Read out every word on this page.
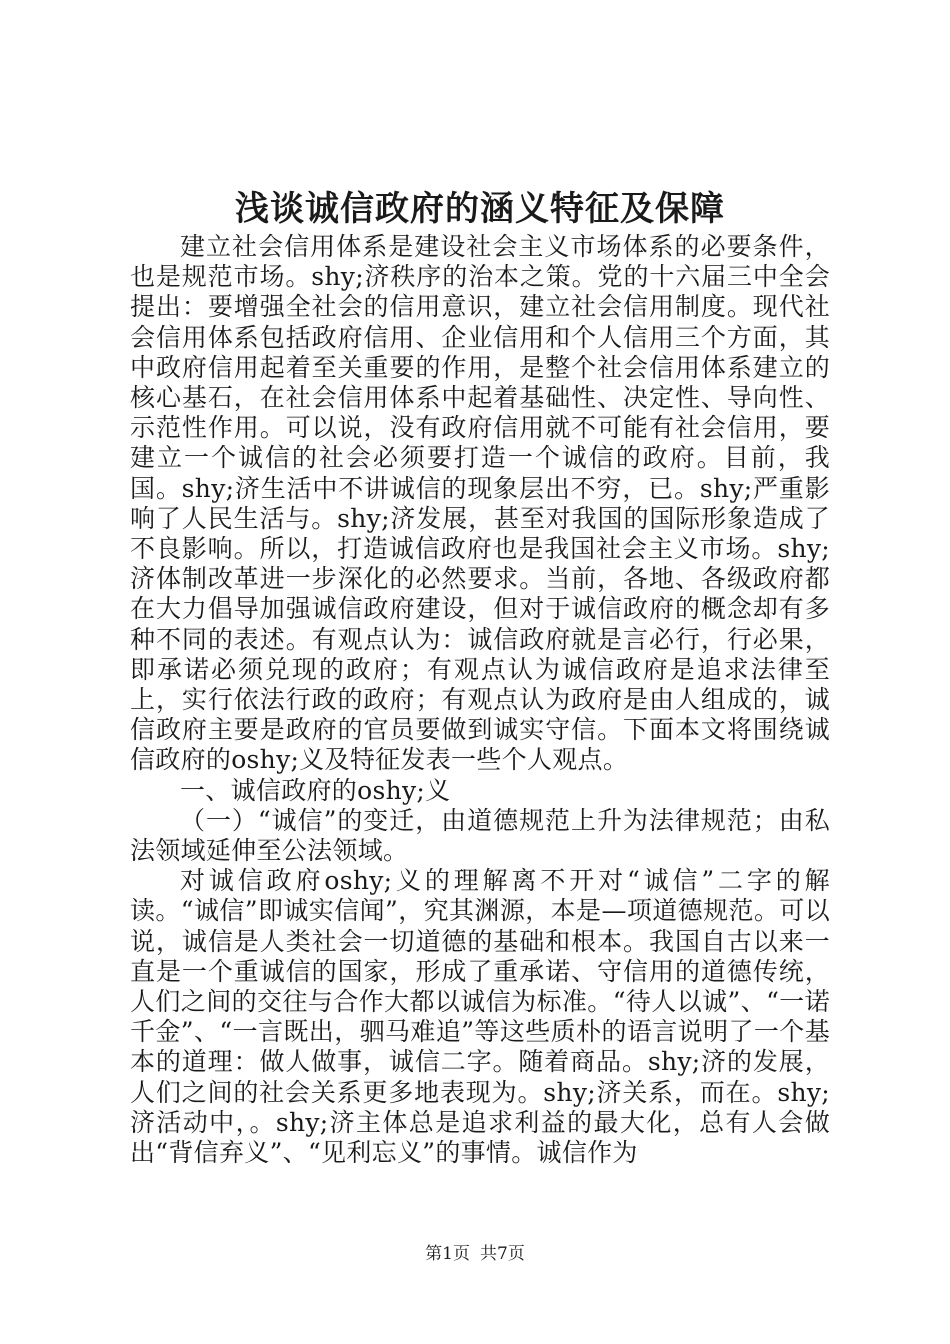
浅谈诚信政府的涵义特征及保障

建立社会信用体系是建设社会主义市场体系的必要条件，也是规范市场。shy;济秩序的治本之策。党的十六届三中全会提出：要增强全社会的信用意识，建立社会信用制度。现代社会信用体系包括政府信用、企业信用和个人信用三个方面，其中政府信用起着至关重要的作用，是整个社会信用体系建立的核心基石，在社会信用体系中起着基础性、决定性、导向性、示范性作用。可以说，没有政府信用就不可能有社会信用，要建立一个诚信的社会必须要打造一个诚信的政府。目前，我国。shy;济生活中不讲诚信的现象层出不穷，已。shy;严重影响了人民生活与。shy;济发展，甚至对我国的国际形象造成了不良影响。所以，打造诚信政府也是我国社会主义市场。shy;济体制改革进一步深化的必然要求。当前，各地、各级政府都在大力倡导加强诚信政府建设，但对于诚信政府的概念却有多种不同的表述。有观点认为：诚信政府就是言必行，行必果，即承诺必须兑现的政府；有观点认为诚信政府是追求法律至上，实行依法行政的政府；有观点认为政府是由人组成的，诚信政府主要是政府的官员要做到诚实守信。下面本文将围绕诚信政府的oshy;义及特征发表一些个人观点。

一、诚信政府的oshy;义

（一）“诚信”的变迁，由道德规范上升为法律规范；由私法领域延伸至公法领域。

对诚信政府oshy;义的理解离不开对“诚信”二字的解读。“诚信”即诚实信闻”，究其渊源，本是—项道德规范。可以说，诚信是人类社会一切道德的基础和根本。我国自古以来一直是一个重诚信的国家，形成了重承诺、守信用的道德传统，人们之间的交往与合作大都以诚信为标准。“待人以诚”、“一诺千金”、“一言既出，驷马难追”等这些质朴的语言说明了一个基本的道理：做人做事，诚信二字。随着商品。shy;济的发展，人们之间的社会关系更多地表现为。shy;济关系，而在。shy;济活动中，。shy;济主体总是追求利益的最大化，总有人会做出“背信弃义”、“见利忘义”的事情。诚信作为

第1页 共7页
